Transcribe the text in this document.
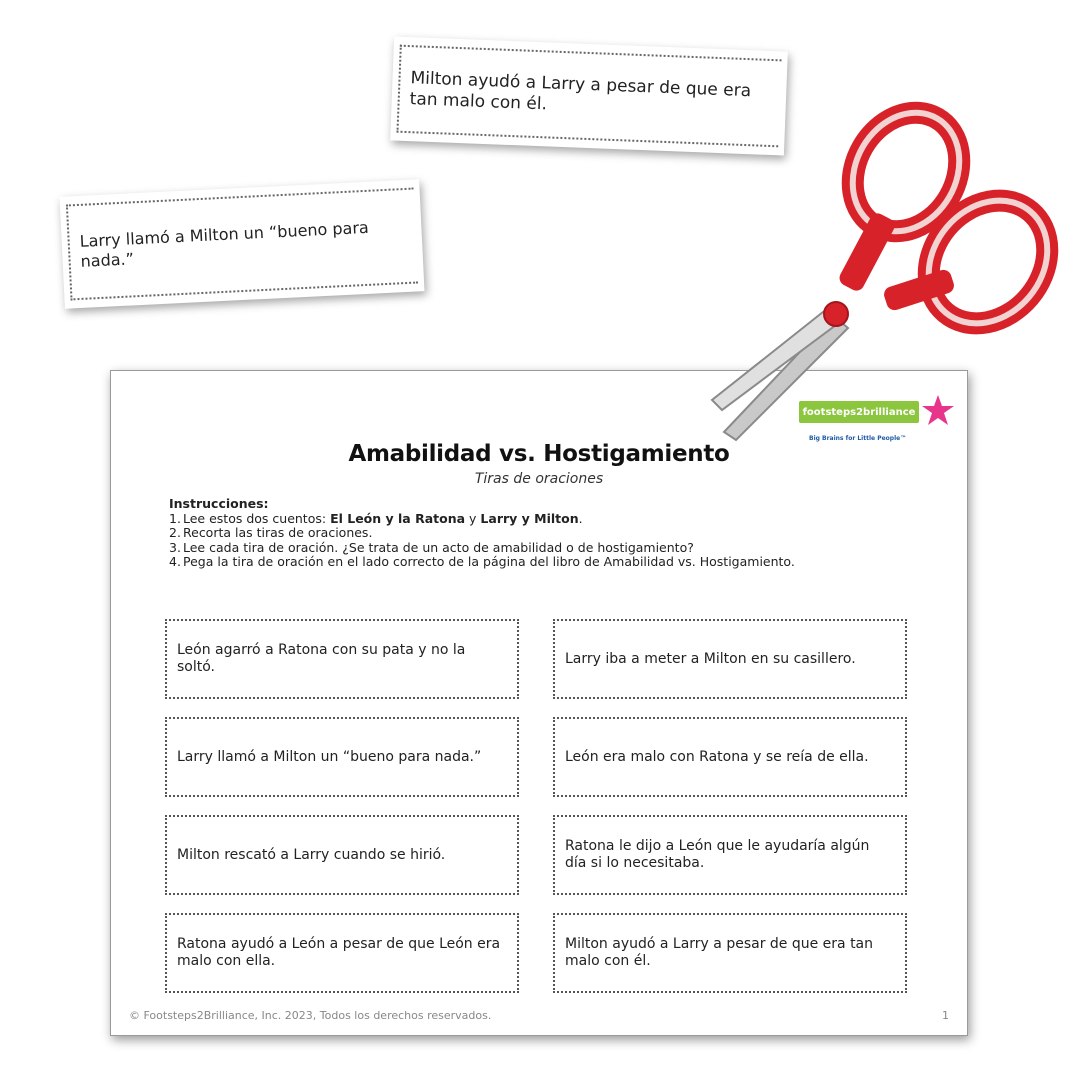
Milton ayudó a Larry a pesar de que era tan malo con él.
Larry llamó a Milton un “bueno para nada.”
footsteps2brilliance
Big Brains for Little People™
Amabilidad vs. Hostigamiento
Tiras de oraciones
Instrucciones:
1. Lee estos dos cuentos: El León y la Ratona y Larry y Milton.
2. Recorta las tiras de oraciones.
3. Lee cada tira de oración. ¿Se trata de un acto de amabilidad o de hostigamiento?
4. Pega la tira de oración en el lado correcto de la página del libro de Amabilidad vs. Hostigamiento.
León agarró a Ratona con su pata y no la soltó.
Larry iba a meter a Milton en su casillero.
Larry llamó a Milton un “bueno para nada.”	León era malo con Ratona y se reía de ella.
Milton rescató a Larry cuando se hirió.
Ratona le dijo a León que le ayudaría algún día si lo necesitaba.
Ratona ayudó a León a pesar de que León era malo con ella.
Milton ayudó a Larry a pesar de que era tan malo con él.
© Footsteps2Brilliance, Inc. 2023, Todos los derechos reservados.	1
